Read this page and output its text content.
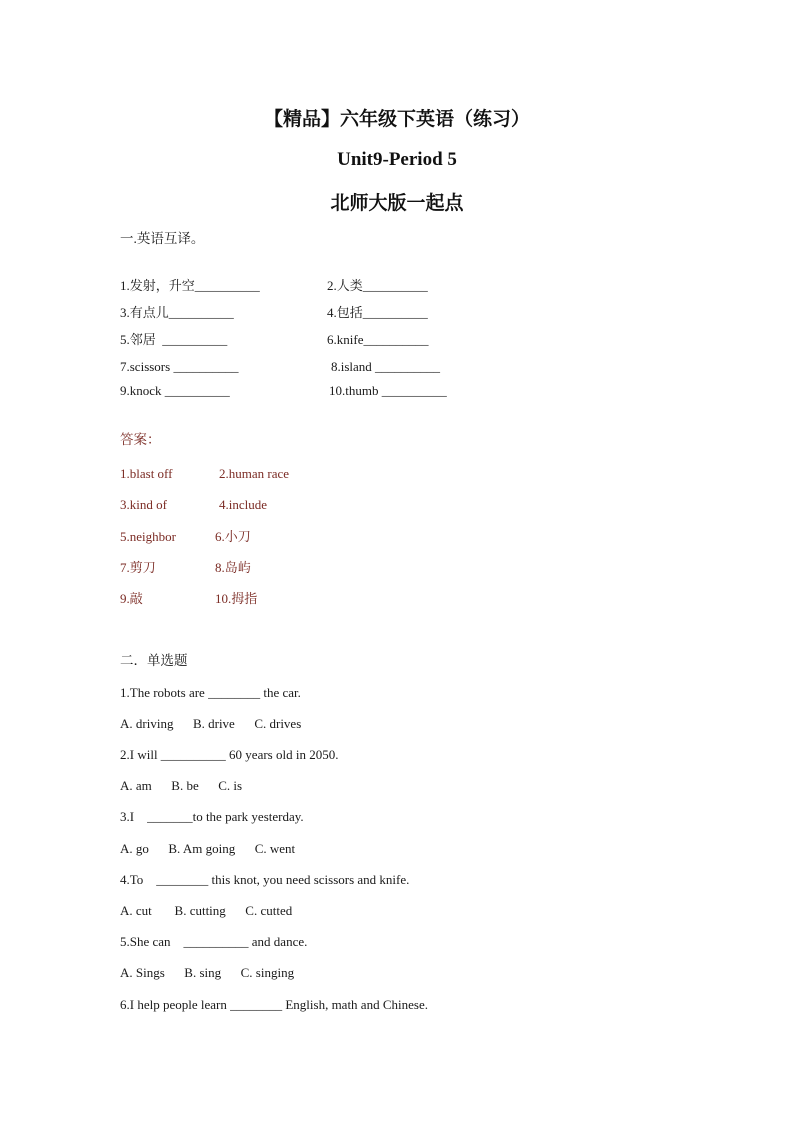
【精品】六年级下英语（练习）
Unit9-Period 5
北师大版一起点
一.英语互译。
1.发射，升空__________	2.人类__________
3.有点儿__________	4.包括__________
5.邻居  __________	6.knife__________
7.scissors __________	8.island __________
9.knock __________	10.thumb __________
答案：
1.blast off	2.human race
3.kind of	4.include
5.neighbor	6.小刀
7.剪刀	8.岛屿
9.敲	10.拇指
二．单选题
1.The robots are ________ the car.
A. driving      B. drive      C. drives
2.I will __________ 60 years old in 2050.
A. am      B. be      C. is
3.I    _______to the park yesterday.
A. go      B. Am going      C. went
4.To    ________ this knot, you need scissors and knife.
A. cut       B. cutting      C. cutted
5.She can    __________ and dance.
A. Sings      B. sing      C. singing
6.I help people learn ________ English, math and Chinese.
